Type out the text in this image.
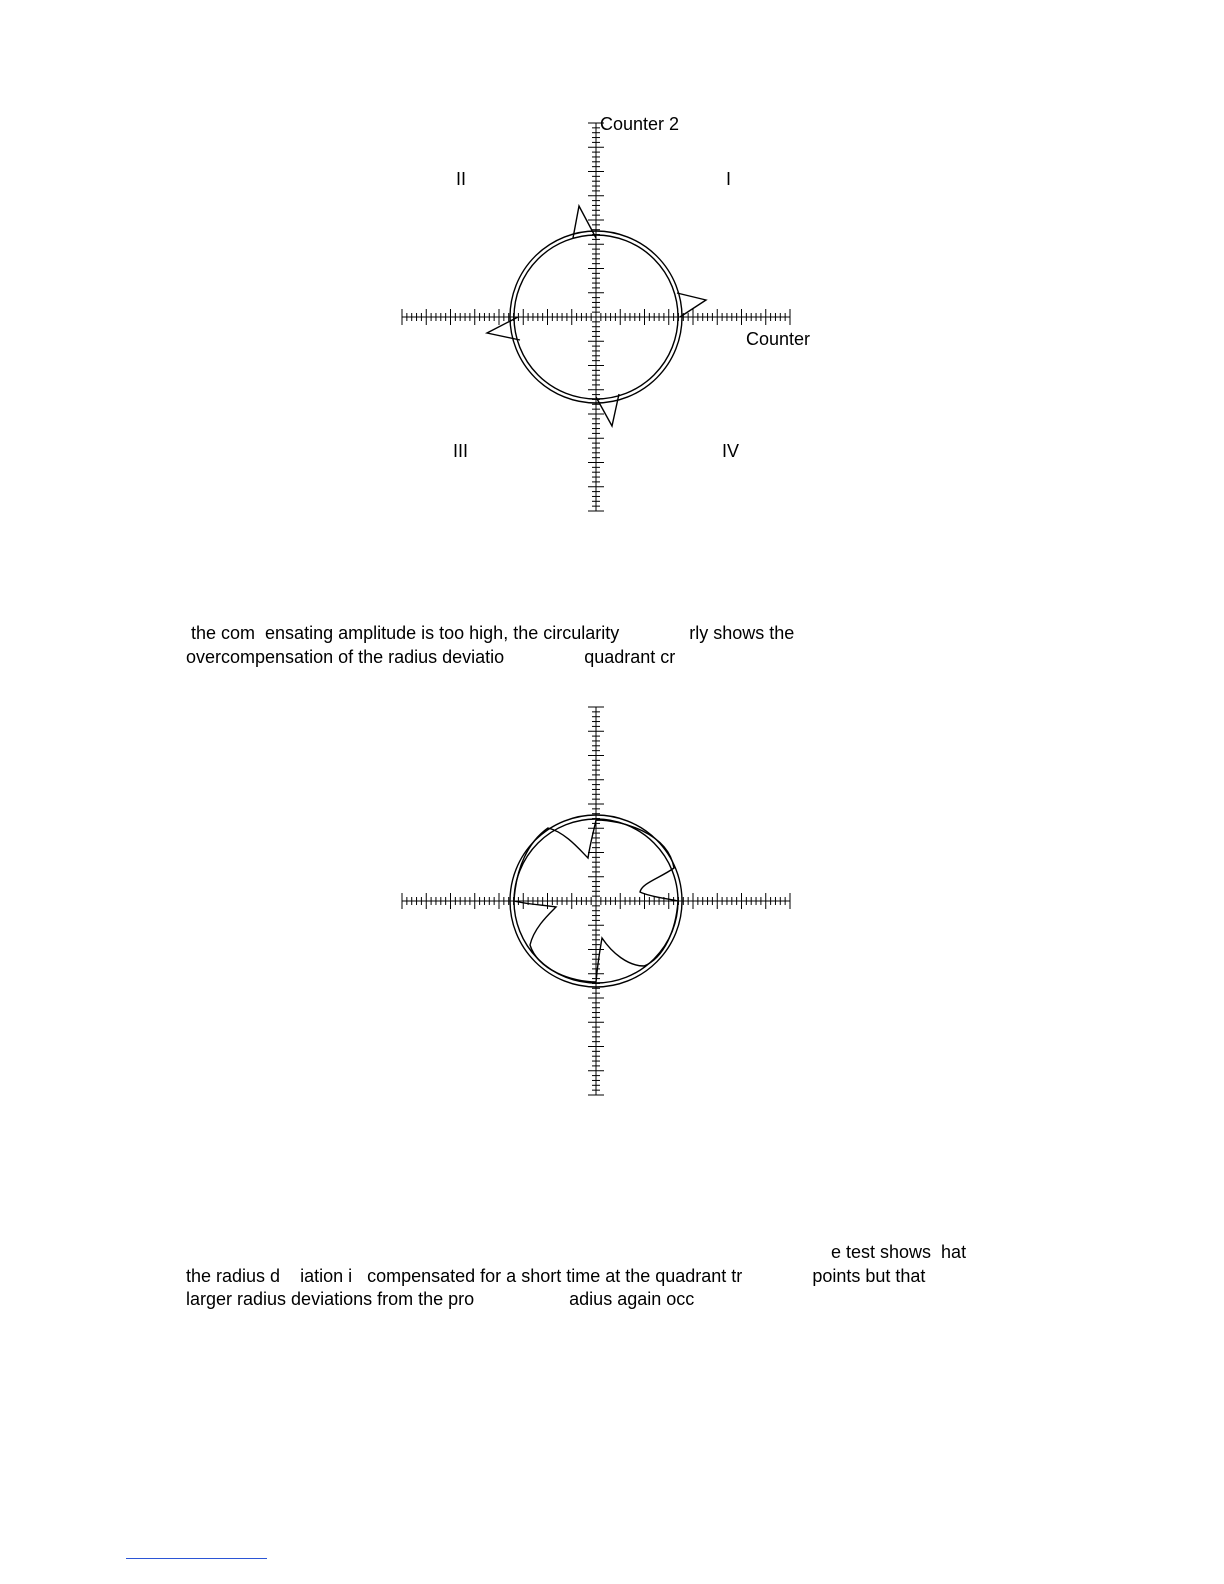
Counter 2
Counter
I
II
III	IV
the com  ensating amplitude is too high, the circularity              rly shows the
overcompensation of the radius deviatio                quadrant cr
e test shows  hat
the radius d    iation i   compensated for a short time at the quadrant tr              points but that
larger radius deviations from the pro                   adius again occ
